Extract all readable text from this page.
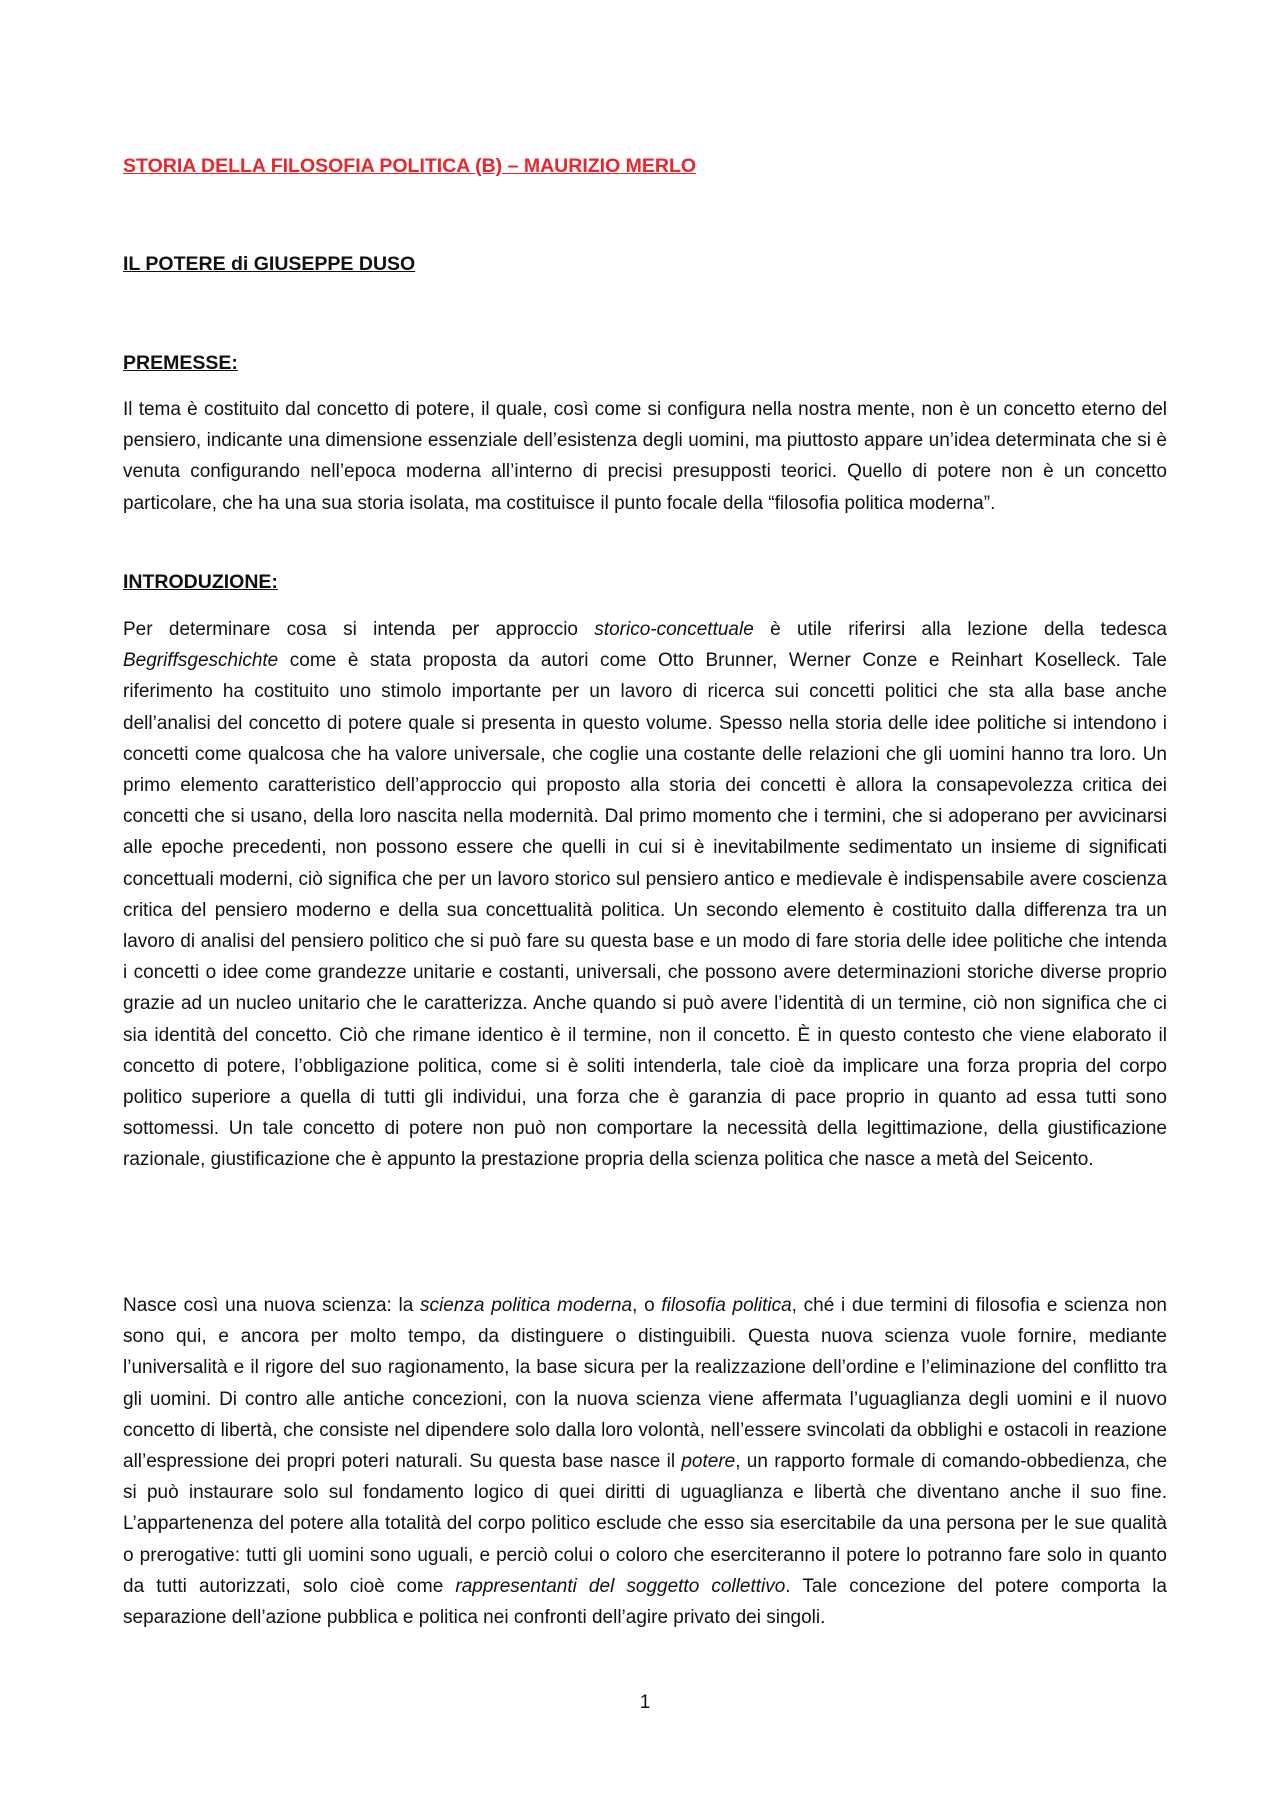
STORIA DELLA FILOSOFIA POLITICA (B) – MAURIZIO MERLO
IL POTERE di GIUSEPPE DUSO
PREMESSE:

Il tema è costituito dal concetto di potere, il quale, così come si configura nella nostra mente, non è un concetto eterno del pensiero, indicante una dimensione essenziale dell’esistenza degli uomini, ma piuttosto appare un’idea determinata che si è venuta configurando nell’epoca moderna all’interno di precisi presupposti teorici. Quello di potere non è un concetto particolare, che ha una sua storia isolata, ma costituisce il punto focale della “filosofia politica moderna”.

INTRODUZIONE:

Per determinare cosa si intenda per approccio storico-concettuale è utile riferirsi alla lezione della tedesca Begriffsgeschichte come è stata proposta da autori come Otto Brunner, Werner Conze e Reinhart Koselleck. Tale riferimento ha costituito uno stimolo importante per un lavoro di ricerca sui concetti politici che sta alla base anche dell’analisi del concetto di potere quale si presenta in questo volume. Spesso nella storia delle idee politiche si intendono i concetti come qualcosa che ha valore universale, che coglie una costante delle relazioni che gli uomini hanno tra loro. Un primo elemento caratteristico dell’approccio qui proposto alla storia dei concetti è allora la consapevolezza critica dei concetti che si usano, della loro nascita nella modernità. Dal primo momento che i termini, che si adoperano per avvicinarsi alle epoche precedenti, non possono essere che quelli in cui si è inevitabilmente sedimentato un insieme di significati concettuali moderni, ciò significa che per un lavoro storico sul pensiero antico e medievale è indispensabile avere coscienza critica del pensiero moderno e della sua concettualità politica. Un secondo elemento è costituito dalla differenza tra un lavoro di analisi del pensiero politico che si può fare su questa base e un modo di fare storia delle idee politiche che intenda i concetti o idee come grandezze unitarie e costanti, universali, che possono avere determinazioni storiche diverse proprio grazie ad un nucleo unitario che le caratterizza. Anche quando si può avere l’identità di un termine, ciò non significa che ci sia identità del concetto. Ciò che rimane identico è il termine, non il concetto. È in questo contesto che viene elaborato il concetto di potere, l’obbligazione politica, come si è soliti intenderla, tale cioè da implicare una forza propria del corpo politico superiore a quella di tutti gli individui, una forza che è garanzia di pace proprio in quanto ad essa tutti sono sottomessi. Un tale concetto di potere non può non comportare la necessità della legittimazione, della giustificazione razionale, giustificazione che è appunto la prestazione propria della scienza politica che nasce a metà del Seicento.

Nasce così una nuova scienza: la scienza politica moderna, o filosofia politica, ché i due termini di filosofia e scienza non sono qui, e ancora per molto tempo, da distinguere o distinguibili. Questa nuova scienza vuole fornire, mediante l’universalità e il rigore del suo ragionamento, la base sicura per la realizzazione dell’ordine e l’eliminazione del conflitto tra gli uomini. Di contro alle antiche concezioni, con la nuova scienza viene affermata l’uguaglianza degli uomini e il nuovo concetto di libertà, che consiste nel dipendere solo dalla loro volontà, nell’essere svincolati da obblighi e ostacoli in reazione all’espressione dei propri poteri naturali. Su questa base nasce il potere, un rapporto formale di comando-obbedienza, che si può instaurare solo sul fondamento logico di quei diritti di uguaglianza e libertà che diventano anche il suo fine. L’appartenenza del potere alla totalità del corpo politico esclude che esso sia esercitabile da una persona per le sue qualità o prerogative: tutti gli uomini sono uguali, e perciò colui o coloro che eserciteranno il potere lo potranno fare solo in quanto da tutti autorizzati, solo cioè come rappresentanti del soggetto collettivo. Tale concezione del potere comporta la separazione dell’azione pubblica e politica nei confronti dell’agire privato dei singoli.

1
